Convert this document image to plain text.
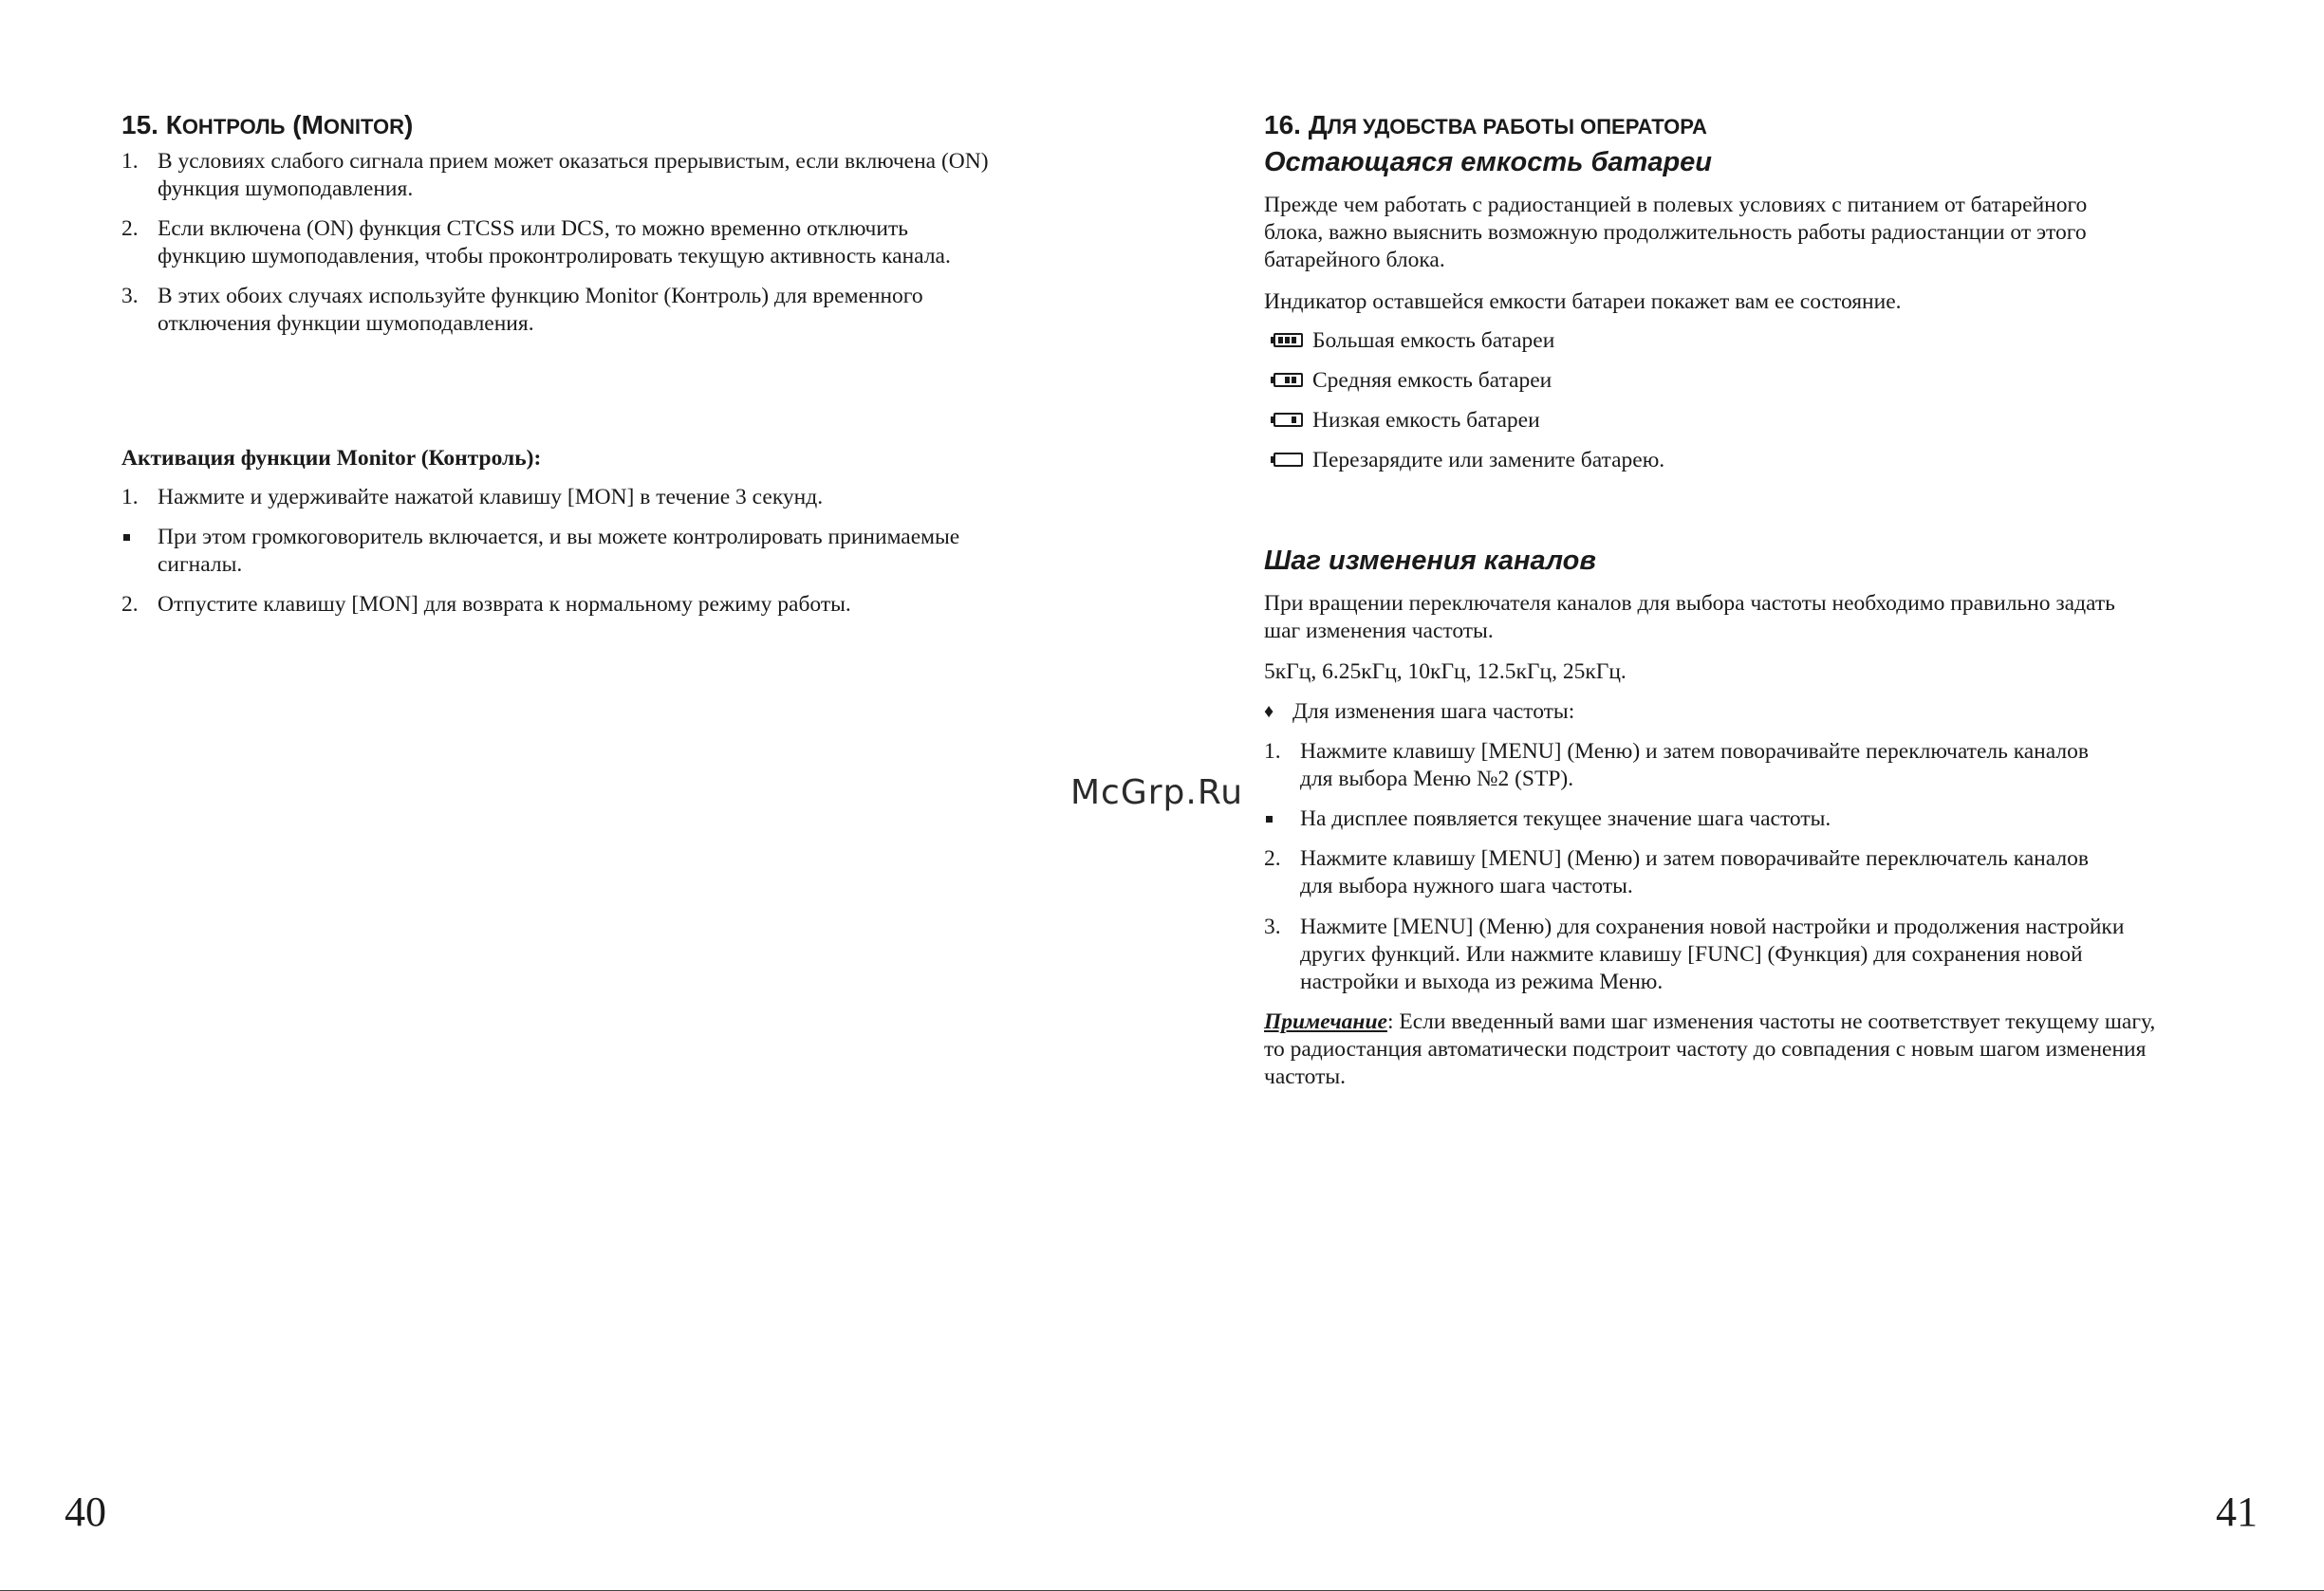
15. КОНТРОЛЬ (MONITOR)
1. В условиях слабого сигнала прием может оказаться прерывистым, если включена (ON)
функция шумоподавления.
2. Если включена (ON) функция CTCSS или DCS, то можно временно отключить
функцию шумоподавления, чтобы проконтролировать текущую активность канала.
3. В этих обоих случаях используйте функцию Monitor (Контроль) для временного
отключения функции шумоподавления.

Активация функции Monitor (Контроль):

1. Нажмите и удерживайте нажатой клавишу [MON] в течение 3 секунд.
При этом громкоговоритель включается, и вы можете контролировать принимаемые
сигналы.
2. Отпустите клавишу [MON] для возврата к нормальному режиму работы.
40
16. ДЛЯ УДОБСТВА РАБОТЫ ОПЕРАТОРА
Остающаяся емкость батареи

Прежде чем работать с радиостанцией в полевых условиях с питанием от батарейного
блока, важно выяснить возможную продолжительность работы радиостанции от этого
батарейного блока.

Индикатор оставшейся емкости батареи покажет вам ее состояние.

Большая емкость батареи
Средняя емкость батареи
Низкая емкость батареи
Перезарядите или замените батарею.
Шаг изменения каналов

При вращении переключателя каналов для выбора частоты необходимо правильно задать
шаг изменения частоты.

5кГц, 6.25кГц, 10кГц, 12.5кГц, 25кГц.

♦ Для изменения шага частоты:
1. Нажмите клавишу [MENU] (Меню) и затем поворачивайте переключатель каналов
для выбора Меню №2 (STP).
На дисплее появляется текущее значение шага частоты.
2. Нажмите клавишу [MENU] (Меню) и затем поворачивайте переключатель каналов
для выбора нужного шага частоты.
3. Нажмите [MENU] (Меню) для сохранения новой настройки и продолжения настройки
других функций. Или нажмите клавишу [FUNC] (Функция) для сохранения новой
настройки и выхода из режима Меню.

Примечание: Если введенный вами шаг изменения частоты не соответствует текущему шагу,
то радиостанция автоматически подстроит частоту до совпадения с новым шагом изменения
частоты.

41
McGrp.Ru
